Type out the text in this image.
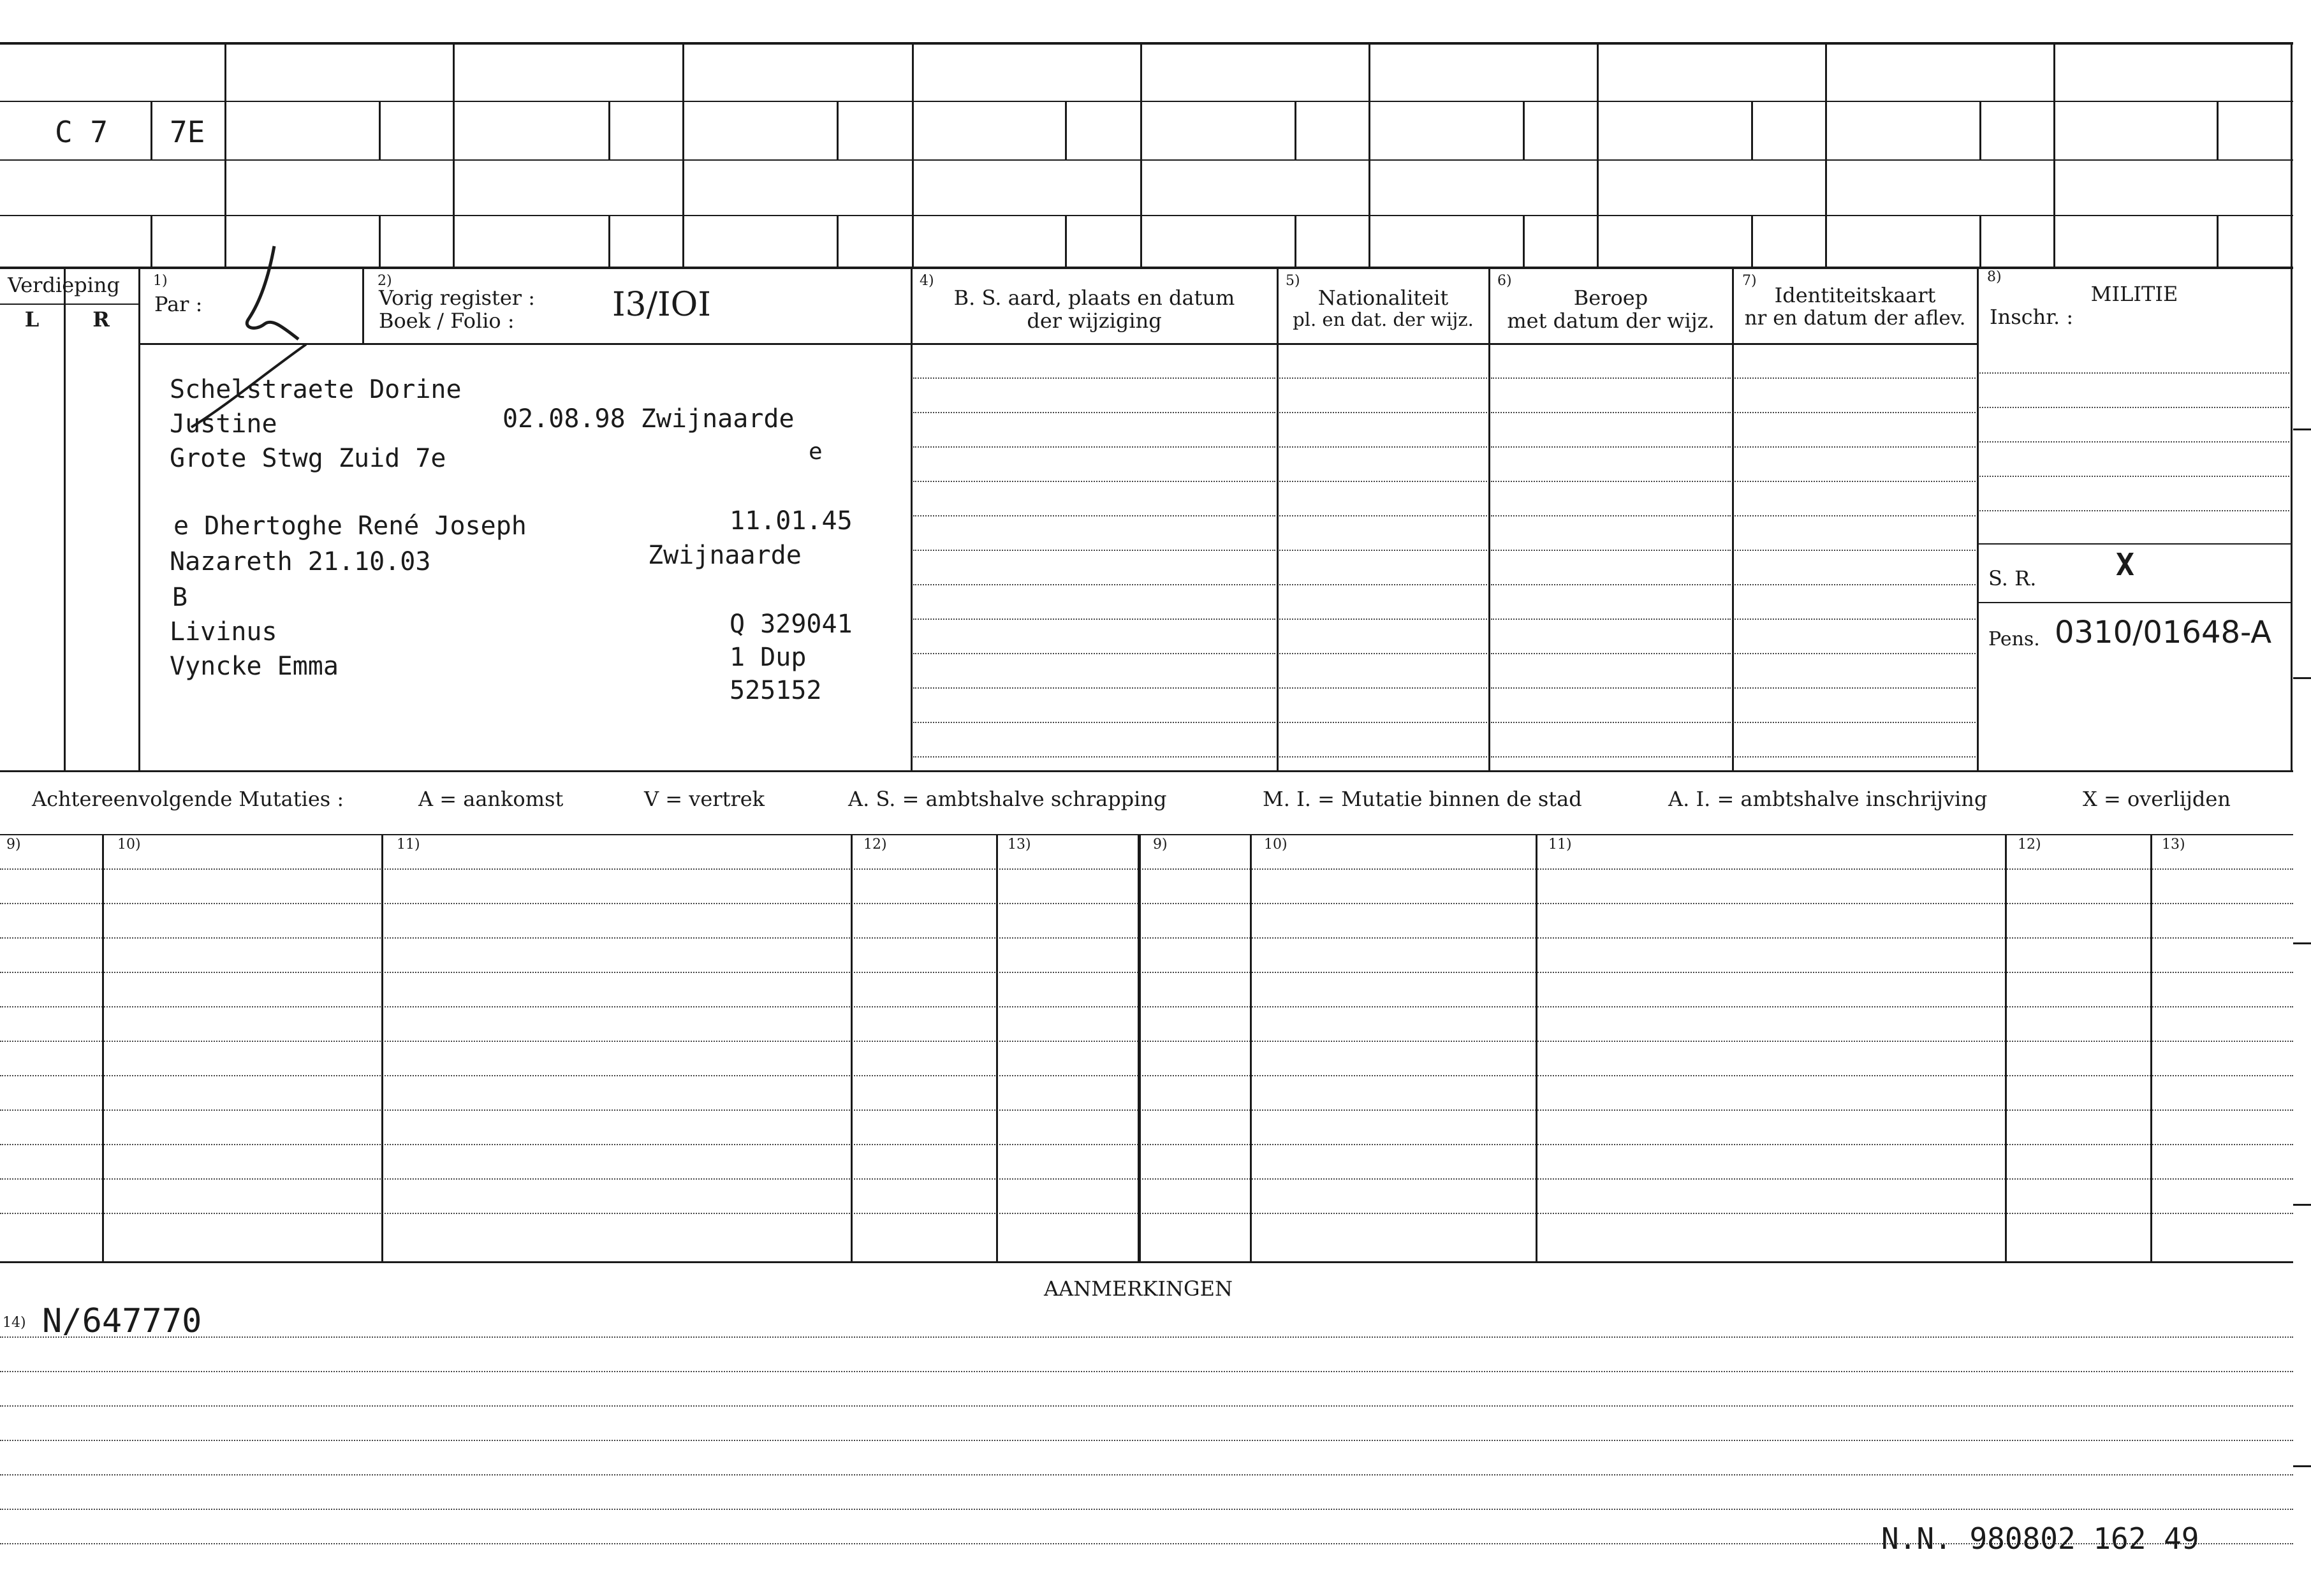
C 7 7E
Verdieping
L	R
1)
Par :
2)
Vorig register :
Boek / Folio :	I3/IOI
4)
B. S. aard, plaats en datum
der wijziging
5)
Nationaliteit
pl. en dat. der wijz.
6)
Beroep
met datum der wijz.
7)
Identiteitskaart
nr en datum der aflev.
8)
MILITIE
Inschr. :
S. R.	X
Pens. 0310/01648-A
Schelstraete Dorine
Justine	02.08.98 Zwijnaarde
Grote Stwg Zuid 7e	e
e Dhertoghe René Joseph	11.01.45
Nazareth 21.10.03	Zwijnaarde
B
Livinus	Q 329041
Vyncke Emma	1 Dup
525152
Achtereenvolgende Mutaties :	A = aankomst	V = vertrek	A. S. = ambtshalve schrapping	M. I. = Mutatie binnen de stad	A. I. = ambtshalve inschrijving	X = overlijden
9)	10)	11)	12)	13)	9)	10)	11)	12)	13)
AANMERKINGEN
14) N/647770
N.N. 980802 162 49
